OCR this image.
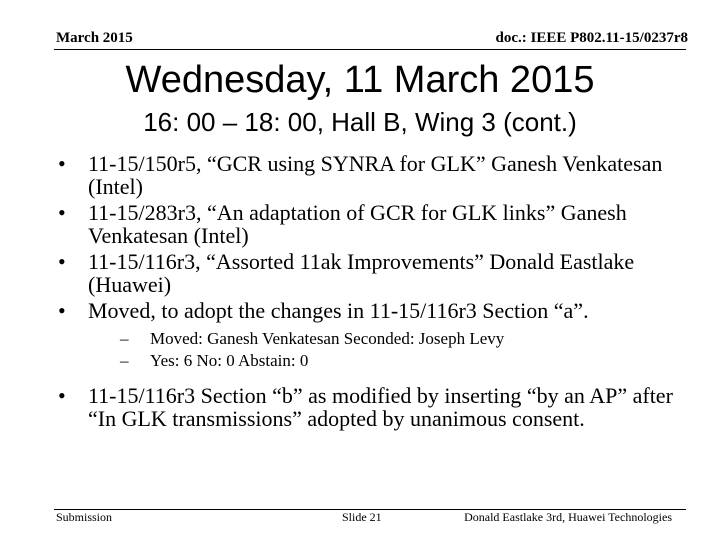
March 2015	doc.: IEEE P802.11-15/0237r8
Wednesday, 11 March 2015
16: 00 – 18: 00, Hall B, Wing 3 (cont.)
• 11-15/150r5, “GCR using SYNRA for GLK” Ganesh Venkatesan (Intel)
• 11-15/283r3, “An adaptation of GCR for GLK links” Ganesh Venkatesan (Intel)
• 11-15/116r3, “Assorted 11ak Improvements” Donald Eastlake (Huawei)
• Moved, to adopt the changes in 11-15/116r3 Section “a”.
– Moved: Ganesh Venkatesan Seconded: Joseph Levy
– Yes: 6 No: 0 Abstain: 0
• 11-15/116r3 Section “b” as modified by inserting “by an AP” after “In GLK transmissions” adopted by unanimous consent.
Submission	Slide 21	Donald Eastlake 3rd, Huawei Technologies
